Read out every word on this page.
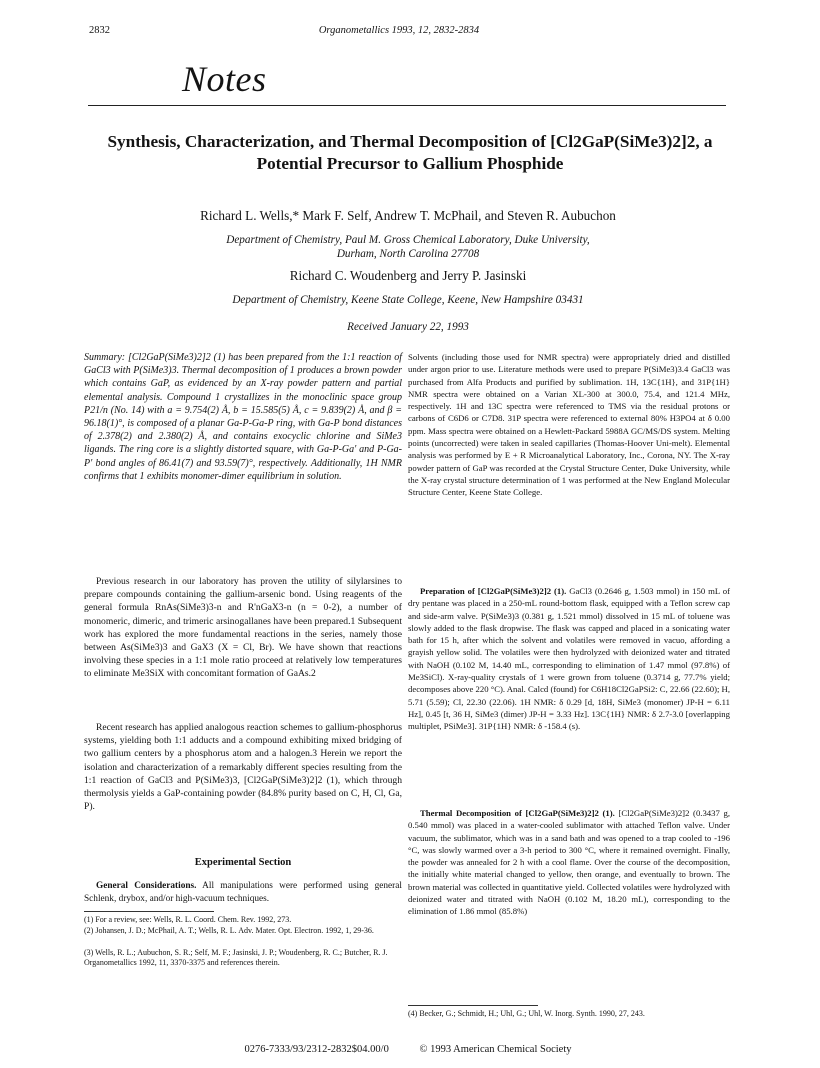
2832	Organometallics 1993, 12, 2832-2834
Notes
Synthesis, Characterization, and Thermal Decomposition of [Cl2GaP(SiMe3)2]2, a Potential Precursor to Gallium Phosphide
Richard L. Wells,* Mark F. Self, Andrew T. McPhail, and Steven R. Aubuchon
Department of Chemistry, Paul M. Gross Chemical Laboratory, Duke University,
Durham, North Carolina 27708
Richard C. Woudenberg and Jerry P. Jasinski
Department of Chemistry, Keene State College, Keene, New Hampshire 03431
Received January 22, 1993
Summary: [Cl2GaP(SiMe3)2]2 (1) has been prepared from the 1:1 reaction of GaCl3 with P(SiMe3)3. Thermal decomposition of 1 produces a brown powder which contains GaP, as evidenced by an X-ray powder pattern and partial elemental analysis. Compound 1 crystallizes in the monoclinic space group P21/n (No. 14) with a = 9.754(2) Å, b = 15.585(5) Å, c = 9.839(2) Å, and β = 96.18(1)°, is composed of a planar Ga-P-Ga-P ring, with Ga-P bond distances of 2.378(2) and 2.380(2) Å, and contains exocyclic chlorine and SiMe3 ligands. The ring core is a slightly distorted square, with Ga-P-Ga' and P-Ga-P' bond angles of 86.41(7) and 93.59(7)°, respectively. Additionally, 1H NMR confirms that 1 exhibits monomer-dimer equilibrium in solution.
Previous research in our laboratory has proven the utility of silylarsines to prepare compounds containing the gallium-arsenic bond. Using reagents of the general formula RnAs(SiMe3)3-n and R'nGaX3-n (n = 0-2), a number of monomeric, dimeric, and trimeric arsinogallanes have been prepared.1 Subsequent work has explored the more fundamental reactions in the series, namely those between As(SiMe3)3 and GaX3 (X = Cl, Br). We have shown that reactions involving these species in a 1:1 mole ratio proceed at relatively low temperatures to eliminate Me3SiX with concomitant formation of GaAs.2
Recent research has applied analogous reaction schemes to gallium-phosphorus systems, yielding both 1:1 adducts and a compound exhibiting mixed bridging of two gallium centers by a phosphorus atom and a halogen.3 Herein we report the isolation and characterization of a remarkably different species resulting from the 1:1 reaction of GaCl3 and P(SiMe3)3, [Cl2GaP(SiMe3)2]2 (1), which through thermolysis yields a GaP-containing powder (84.8% purity based on C, H, Cl, Ga, P).
Experimental Section
General Considerations. All manipulations were performed using general Schlenk, drybox, and/or high-vacuum techniques.
(1) For a review, see: Wells, R. L. Coord. Chem. Rev. 1992, 273.
(2) Johansen, J. D.; McPhail, A. T.; Wells, R. L. Adv. Mater. Opt. Electron. 1992, 1, 29-36.
(3) Wells, R. L.; Aubuchon, S. R.; Self, M. F.; Jasinski, J. P.; Woudenberg, R. C.; Butcher, R. J. Organometallics 1992, 11, 3370-3375 and references therein.
Solvents (including those used for NMR spectra) were appropriately dried and distilled under argon prior to use. Literature methods were used to prepare P(SiMe3)3.4 GaCl3 was purchased from Alfa Products and purified by sublimation. 1H, 13C{1H}, and 31P{1H} NMR spectra were obtained on a Varian XL-300 at 300.0, 75.4, and 121.4 MHz, respectively. 1H and 13C spectra were referenced to TMS via the residual protons or carbons of C6D6 or C7D8. 31P spectra were referenced to external 80% H3PO4 at δ 0.00 ppm. Mass spectra were obtained on a Hewlett-Packard 5988A GC/MS/DS system. Melting points (uncorrected) were taken in sealed capillaries (Thomas-Hoover Uni-melt). Elemental analysis was performed by E + R Microanalytical Laboratory, Inc., Corona, NY. The X-ray powder pattern of GaP was recorded at the Crystal Structure Center, Duke University, while the X-ray crystal structure determination of 1 was performed at the New England Molecular Structure Center, Keene State College.
Preparation of [Cl2GaP(SiMe3)2]2 (1). GaCl3 (0.2646 g, 1.503 mmol) in 150 mL of dry pentane was placed in a 250-mL round-bottom flask, equipped with a Teflon screw cap and side-arm valve. P(SiMe3)3 (0.381 g, 1.521 mmol) dissolved in 15 mL of toluene was slowly added to the flask dropwise. The flask was capped and placed in a sonicating water bath for 15 h, after which the solvent and volatiles were removed in vacuo, affording a grayish yellow solid. The volatiles were then hydrolyzed with deionized water and titrated with NaOH (0.102 M, 14.40 mL, corresponding to elimination of 1.47 mmol (97.8%) of Me3SiCl). X-ray-quality crystals of 1 were grown from toluene (0.3714 g, 77.7% yield; decomposes above 220 °C). Anal. Calcd (found) for C6H18Cl2GaPSi2: C, 22.66 (22.60); H, 5.71 (5.59); Cl, 22.30 (22.06). 1H NMR: δ 0.29 [d, 18H, SiMe3 (monomer) JP-H = 6.11 Hz], 0.45 [t, 36 H, SiMe3 (dimer) JP-H = 3.33 Hz]. 13C{1H} NMR: δ 2.7-3.0 [overlapping multiplet, PSiMe3]. 31P{1H} NMR: δ -158.4 (s).
Thermal Decomposition of [Cl2GaP(SiMe3)2]2 (1). [Cl2GaP(SiMe3)2]2 (0.3437 g, 0.540 mmol) was placed in a water-cooled sublimator with attached Teflon valve. Under vacuum, the sublimator, which was in a sand bath and was opened to a trap cooled to -196 °C, was slowly warmed over a 3-h period to 300 °C, where it remained overnight. Finally, the powder was annealed for 2 h with a cool flame. Over the course of the decomposition, the initially white material changed to yellow, then orange, and eventually to brown. The brown material was collected in quantitative yield. Collected volatiles were hydrolyzed with deionized water and titrated with NaOH (0.102 M, 18.20 mL), corresponding to the elimination of 1.86 mmol (85.8%)
(4) Becker, G.; Schmidt, H.; Uhl, G.; Uhl, W. Inorg. Synth. 1990, 27, 243.
0276-7333/93/2312-2832$04.00/0	© 1993 American Chemical Society
